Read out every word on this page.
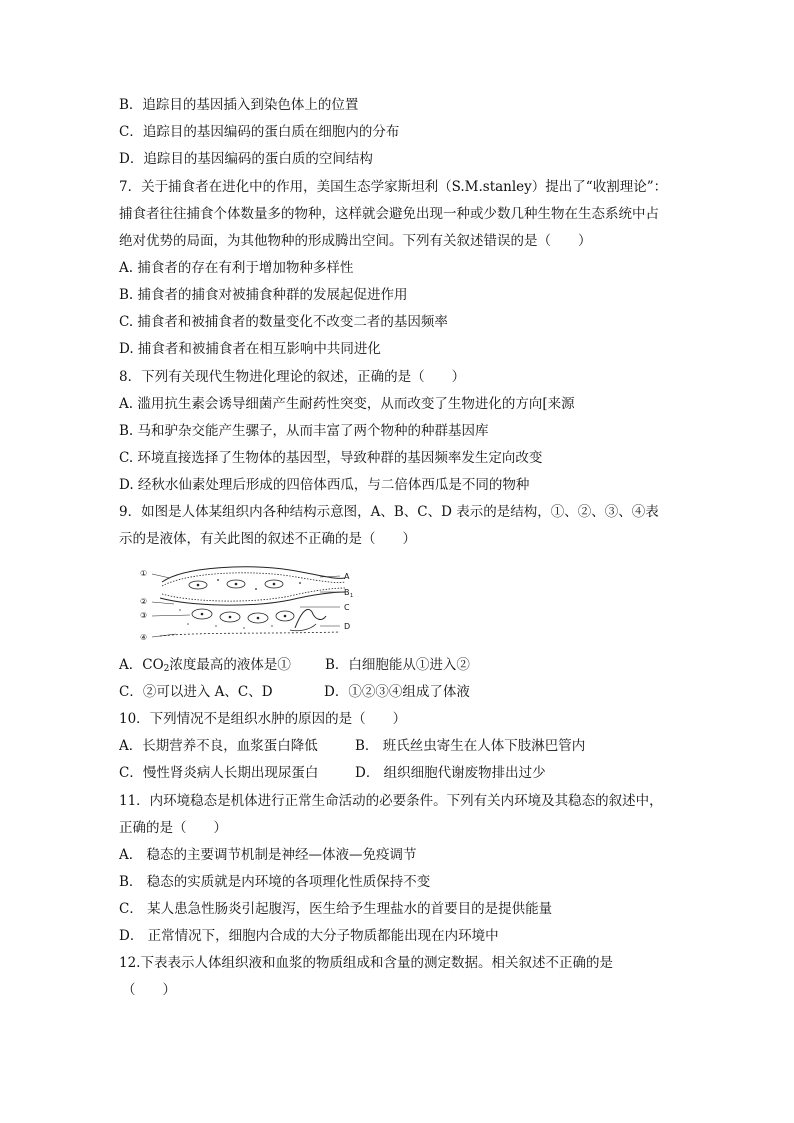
B．追踪目的基因插入到染色体上的位置
C．追踪目的基因编码的蛋白质在细胞内的分布
D．追踪目的基因编码的蛋白质的空间结构
7．关于捕食者在进化中的作用，美国生态学家斯坦利（S.M.stanley）提出了“收割理论”：
捕食者往往捕食个体数量多的物种，这样就会避免出现一种或少数几种生物在生态系统中占
绝对优势的局面，为其他物种的形成腾出空间。下列有关叙述错误的是（　　）
A. 捕食者的存在有利于增加物种多样性
B. 捕食者的捕食对被捕食种群的发展起促进作用
C. 捕食者和被捕食者的数量变化不改变二者的基因频率
D. 捕食者和被捕食者在相互影响中共同进化
8．下列有关现代生物进化理论的叙述，正确的是（　　）
A. 滥用抗生素会诱导细菌产生耐药性突变，从而改变了生物进化的方向[来源
B. 马和驴杂交能产生骡子，从而丰富了两个物种的种群基因库
C. 环境直接选择了生物体的基因型，导致种群的基因频率发生定向改变
D. 经秋水仙素处理后形成的四倍体西瓜，与二倍体西瓜是不同的物种
9．如图是人体某组织内各种结构示意图，A、B、C、D 表示的是结构，①、②、③、④表
示的是液体，有关此图的叙述不正确的是（　　）
①
②
③
④
A
B 1
C
D
A．$CO_2$浓度最高的液体是①	B．白细胞能从①进入②
C．②可以进入 A、C、D	D．①②③④组成了体液
10．下列情况不是组织水肿的原因的是（　　）
A．长期营养不良，血浆蛋白降低	B． 班氏丝虫寄生在人体下肢淋巴管内
C．慢性肾炎病人长期出现尿蛋白	D． 组织细胞代谢废物排出过少
11．内环境稳态是机体进行正常生命活动的必要条件。下列有关内环境及其稳态的叙述中，
正确的是（　　）
A． 稳态的主要调节机制是神经—体液—免疫调节
B． 稳态的实质就是内环境的各项理化性质保持不变
C． 某人患急性肠炎引起腹泻，医生给予生理盐水的首要目的是提供能量
D． 正常情况下，细胞内合成的大分子物质都能出现在内环境中
12.下表表示人体组织液和血浆的物质组成和含量的测定数据。相关叙述不正确的是
（　　）
